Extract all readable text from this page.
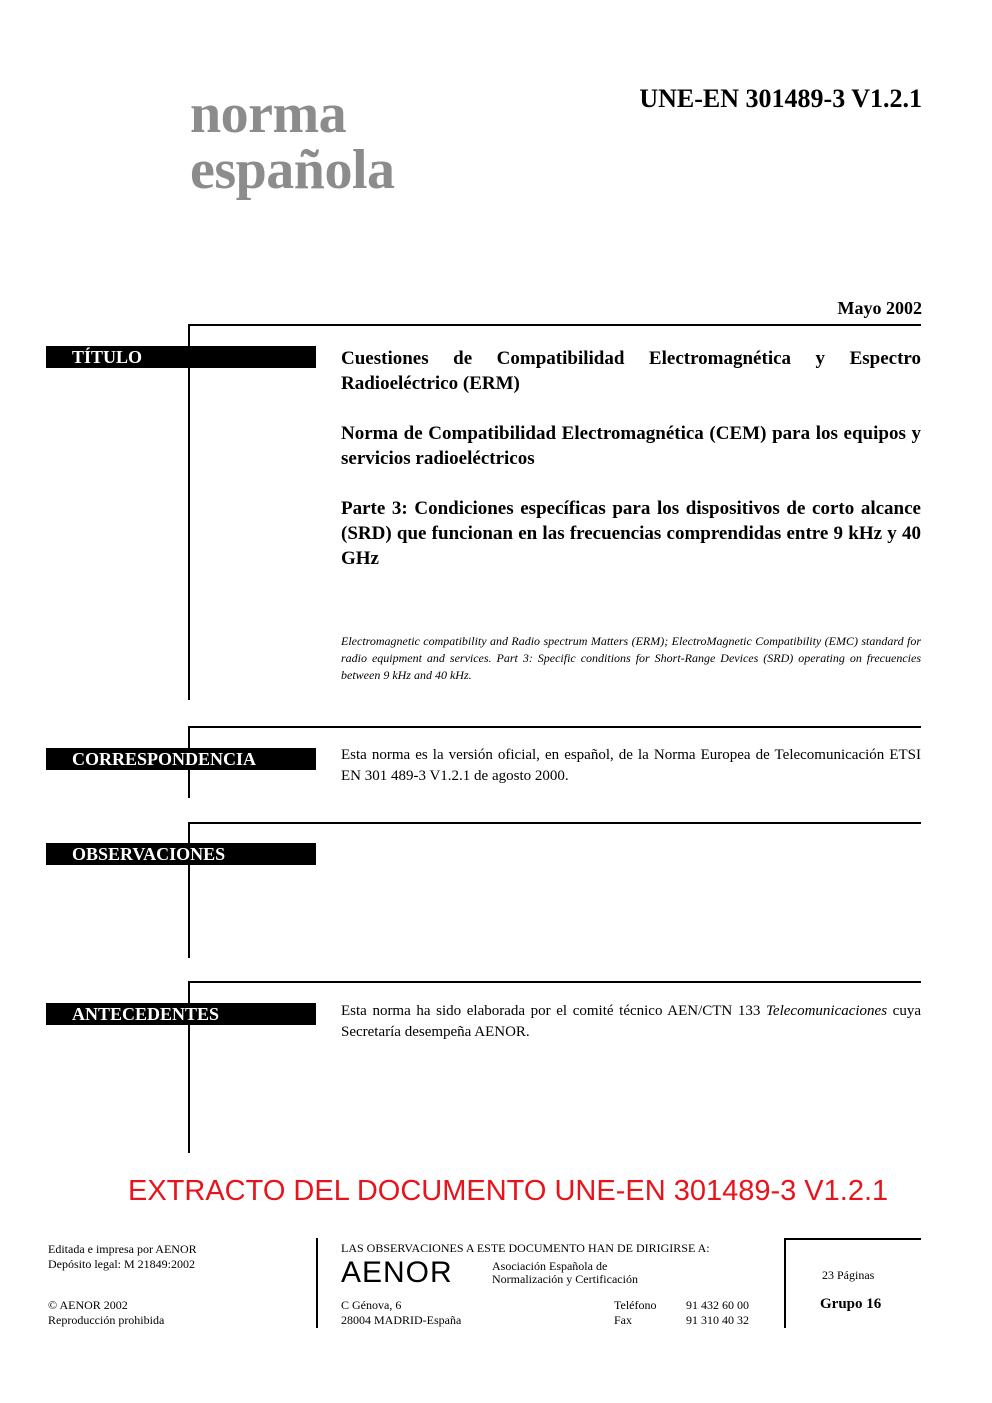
norma
española
UNE-EN 301489-3 V1.2.1
Mayo 2002
TÍTULO	Cuestiones de Compatibilidad Electromagnética y Espectro Radioeléctrico (ERM)

Norma de Compatibilidad Electromagnética (CEM) para los equipos y servicios radioeléctricos

Parte 3: Condiciones específicas para los dispositivos de corto alcance (SRD) que funcionan en las frecuencias comprendidas entre 9 kHz y 40 GHz

Electromagnetic compatibility and Radio spectrum Matters (ERM); ElectroMagnetic Compatibility (EMC) standard for radio equipment and services. Part 3: Specific conditions for Short-Range Devices (SRD) operating on frecuencies between 9 kHz and 40 kHz.
CORRESPONDENCIA	Esta norma es la versión oficial, en español, de la Norma Europea de Telecomunicación ETSI EN 301 489-3 V1.2.1 de agosto 2000.
OBSERVACIONES
ANTECEDENTES	Esta norma ha sido elaborada por el comité técnico AEN/CTN 133 Telecomunicaciones cuya Secretaría desempeña AENOR.
EXTRACTO DEL DOCUMENTO UNE-EN 301489-3 V1.2.1
Editada e impresa por AENOR
Depósito legal: M 21849:2002
© AENOR 2002
Reproducción prohibida
LAS OBSERVACIONES A ESTE DOCUMENTO HAN DE DIRIGIRSE A:
AENOR	Asociación Española de
Normalización y Certificación
C Génova, 6
28004 MADRID-España
Teléfono 91 432 60 00
Fax	91 310 40 32
23 Páginas
Grupo 16
